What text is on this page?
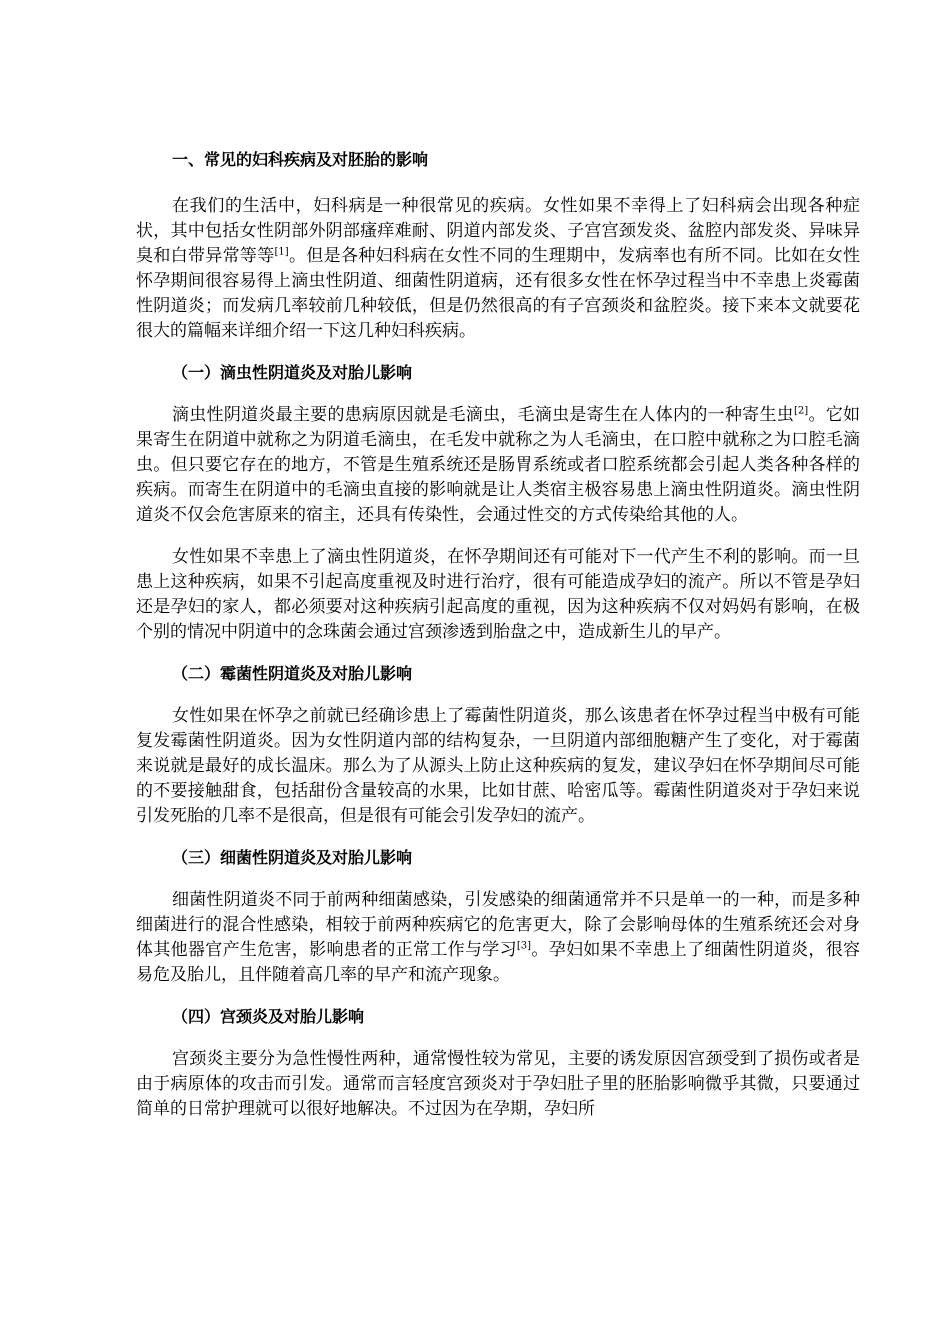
一、常见的妇科疾病及对胚胎的影响

在我们的生活中，妇科病是一种很常见的疾病。女性如果不幸得上了妇科病会出现各种症状，其中包括女性阴部外阴部瘙痒难耐、阴道内部发炎、子宫宫颈发炎、盆腔内部发炎、异味异臭和白带异常等等[1]。但是各种妇科病在女性不同的生理期中，发病率也有所不同。比如在女性怀孕期间很容易得上滴虫性阴道、细菌性阴道病，还有很多女性在怀孕过程当中不幸患上炎霉菌性阴道炎；而发病几率较前几种较低，但是仍然很高的有子宫颈炎和盆腔炎。接下来本文就要花很大的篇幅来详细介绍一下这几种妇科疾病。

（一）滴虫性阴道炎及对胎儿影响

滴虫性阴道炎最主要的患病原因就是毛滴虫，毛滴虫是寄生在人体内的一种寄生虫[2]。它如果寄生在阴道中就称之为阴道毛滴虫，在毛发中就称之为人毛滴虫，在口腔中就称之为口腔毛滴虫。但只要它存在的地方，不管是生殖系统还是肠胃系统或者口腔系统都会引起人类各种各样的疾病。而寄生在阴道中的毛滴虫直接的影响就是让人类宿主极容易患上滴虫性阴道炎。滴虫性阴道炎不仅会危害原来的宿主，还具有传染性，会通过性交的方式传染给其他的人。

女性如果不幸患上了滴虫性阴道炎，在怀孕期间还有可能对下一代产生不利的影响。而一旦患上这种疾病，如果不引起高度重视及时进行治疗，很有可能造成孕妇的流产。所以不管是孕妇还是孕妇的家人，都必须要对这种疾病引起高度的重视，因为这种疾病不仅对妈妈有影响，在极个别的情况中阴道中的念珠菌会通过宫颈渗透到胎盘之中，造成新生儿的早产。

（二）霉菌性阴道炎及对胎儿影响

女性如果在怀孕之前就已经确诊患上了霉菌性阴道炎，那么该患者在怀孕过程当中极有可能复发霉菌性阴道炎。因为女性阴道内部的结构复杂，一旦阴道内部细胞糖产生了变化，对于霉菌来说就是最好的成长温床。那么为了从源头上防止这种疾病的复发，建议孕妇在怀孕期间尽可能的不要接触甜食，包括甜份含量较高的水果，比如甘蔗、哈密瓜等。霉菌性阴道炎对于孕妇来说引发死胎的几率不是很高，但是很有可能会引发孕妇的流产。

（三）细菌性阴道炎及对胎儿影响

细菌性阴道炎不同于前两种细菌感染，引发感染的细菌通常并不只是单一的一种，而是多种细菌进行的混合性感染，相较于前两种疾病它的危害更大，除了会影响母体的生殖系统还会对身体其他器官产生危害，影响患者的正常工作与学习[3]。孕妇如果不幸患上了细菌性阴道炎，很容易危及胎儿，且伴随着高几率的早产和流产现象。

（四）宫颈炎及对胎儿影响

宫颈炎主要分为急性慢性两种，通常慢性较为常见，主要的诱发原因宫颈受到了损伤或者是由于病原体的攻击而引发。通常而言轻度宫颈炎对于孕妇肚子里的胚胎影响微乎其微，只要通过简单的日常护理就可以很好地解决。不过因为在孕期，孕妇所
